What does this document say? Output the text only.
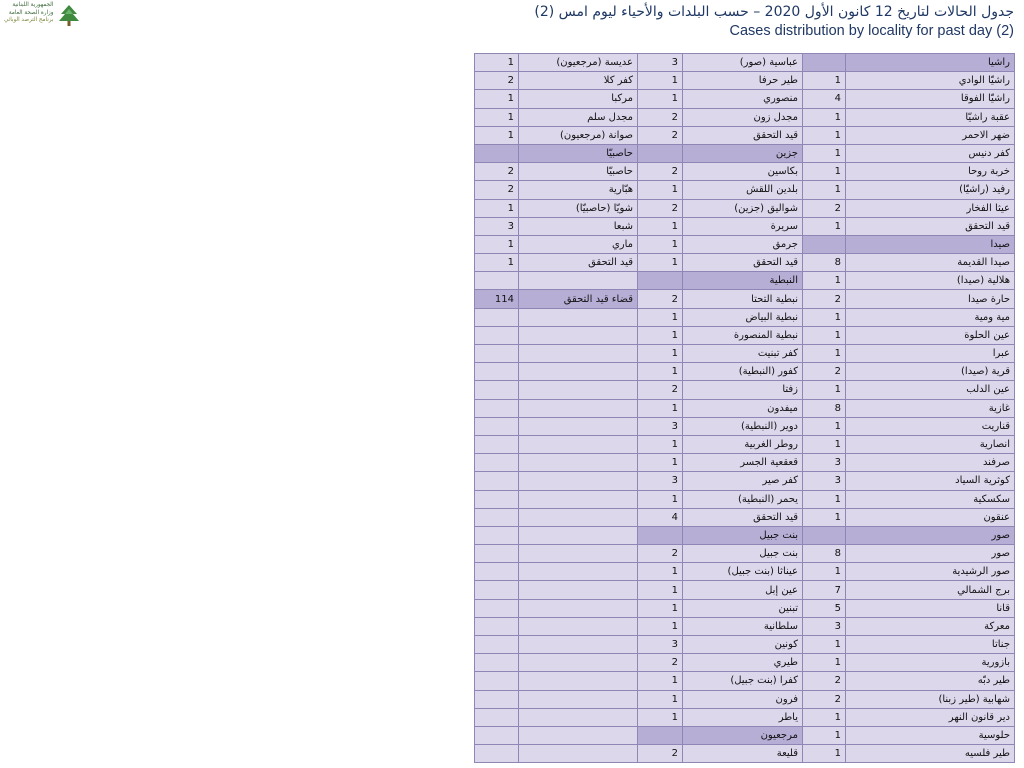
الجمهورية اللبنانية
وزارة الصحة العامة
برنامج الترصد الوبائي	جدول الحالات لتاريخ 12 كانون الأول 2020 – حسب البلدات والأحياء ليوم امس (2)
Cases distribution by locality for past day (2)
1	عديسة (مرجعيون)	3	عباسية (صور)		راشيا
2	كفر كلا	1	طير حرفا	1	راشيّا الوادي
1	مركبا	1	منصوري	4	راشيّا الفوقا
1	مجدل سلم	2	مجدل زون	1	عقبة راشيّا
1	صوانة (مرجعيون)	2	قيد التحقق	1	ضهر الاحمر
	حاصبيّا		جزين	1	كفر دنيس
2	حاصبيّا	2	بكاسين	1	خربة روحا
2	هبّارية	1	بلدين اللقش	1	رفيد (راشيّا)
1	شويّا (حاصبيّا)	2	شواليق (جزين)	2	عيثا الفخار
3	شبعا	1	سريرة	1	قيد التحقق
1	ماري	1	جرمق		صيدا
1	قيد التحقق	1	قيد التحقق	8	صيدا القديمة
			النبطية	1	هلالية (صيدا)
114	قضاء قيد التحقق	2	نبطية التحتا	2	حارة صيدا
		1	نبطية البياض	1	مية ومية
		1	نبطية المنصورة	1	عين الحلوة
		1	كفر تبنيت	1	عبرا
		1	كفور (النبطية)	2	قرية (صيدا)
		2	زفتا	1	عين الدلب
		1	ميفدون	8	غازية
		3	دوير (النبطية)	1	قناريت
		1	روطر الغربية	1	انصارية
		1	قعقعية الجسر	3	صرفند
		3	كفر صير	3	كوثرية السياد
		1	يحمر (النبطية)	1	سكسكية
		4	قيد التحقق	1	عنقون
			بنت جبيل		صور
		2	بنت جبيل	8	صور
		1	عيناثا (بنت جبيل)	1	صور الرشيدية
		1	عين إبل	7	برج الشمالي
		1	تبنين	5	قانا
		1	سلطانية	3	معركة
		3	كونين	1	جناتا
		2	طيري	1	بازورية
		1	كفرا (بنت جبيل)	2	طير دبّه
		1	فرون	2	شهابية (طير زبنا)
		1	ياطر	1	دير قانون النهر
			مرجعيون	1	حلوسية
		2	قليعة	1	طير فلسيه
